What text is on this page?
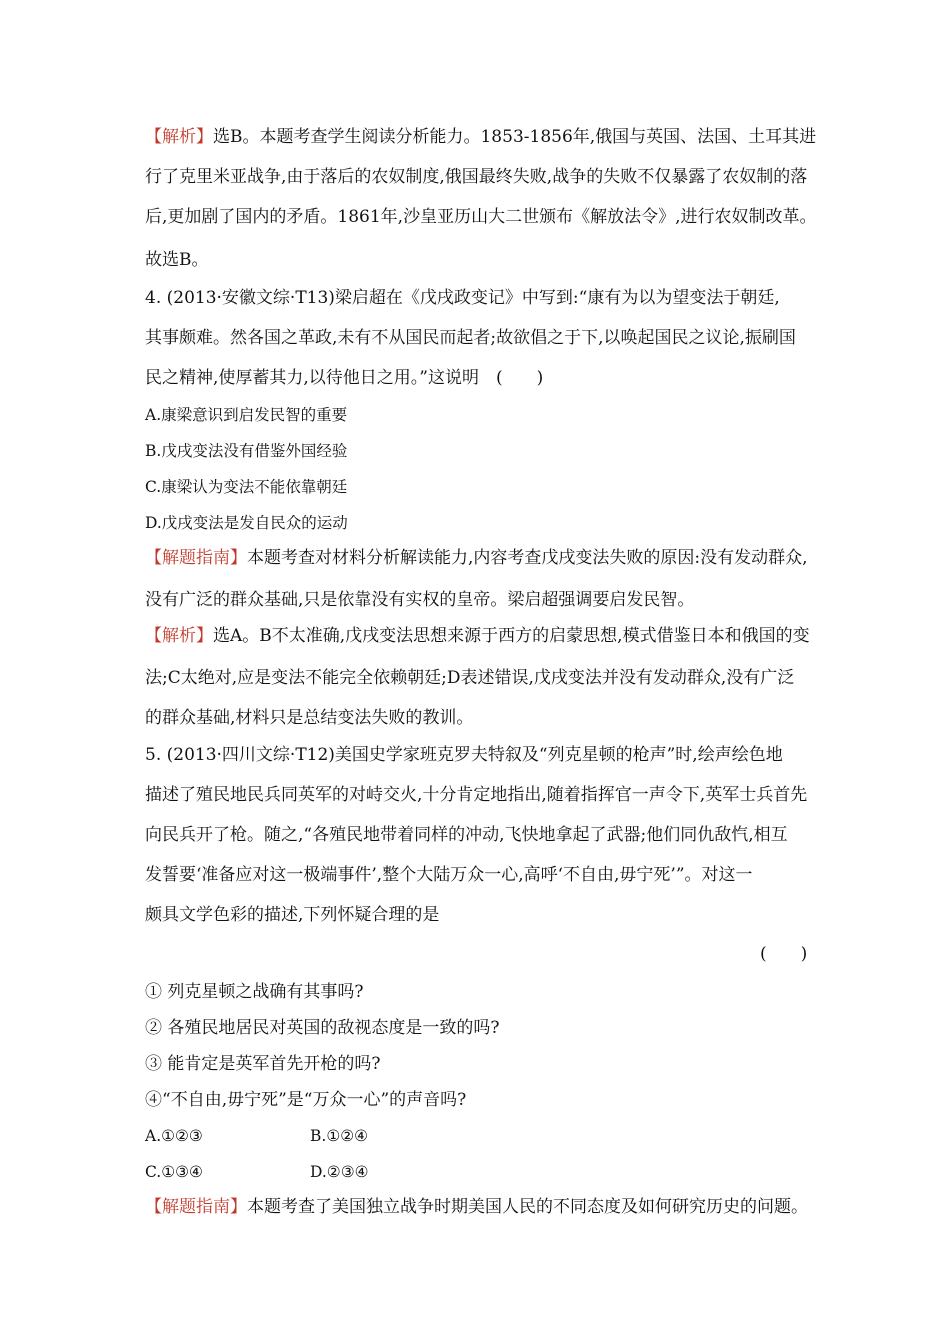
【解析】选B。本题考查学生阅读分析能力。1853-1856年,俄国与英国、法国、土耳其进
行了克里米亚战争,由于落后的农奴制度,俄国最终失败,战争的失败不仅暴露了农奴制的落
后,更加剧了国内的矛盾。1861年,沙皇亚历山大二世颁布《解放法令》,进行农奴制改革。
故选B。
4. (2013·安徽文综·T13)梁启超在《戊戌政变记》中写到:“康有为以为望变法于朝廷,
其事颇难。然各国之革政,未有不从国民而起者;故欲倡之于下,以唤起国民之议论,振刷国
民之精神,使厚蓄其力,以待他日之用。”这说明　(　　)
A.康梁意识到启发民智的重要
B.戊戌变法没有借鉴外国经验
C.康梁认为变法不能依靠朝廷
D.戊戌变法是发自民众的运动
【解题指南】本题考查对材料分析解读能力,内容考查戊戌变法失败的原因:没有发动群众,
没有广泛的群众基础,只是依靠没有实权的皇帝。梁启超强调要启发民智。
【解析】选A。B不太准确,戊戌变法思想来源于西方的启蒙思想,模式借鉴日本和俄国的变
法;C太绝对,应是变法不能完全依赖朝廷;D表述错误,戊戌变法并没有发动群众,没有广泛
的群众基础,材料只是总结变法失败的教训。
5. (2013·四川文综·T12)美国史学家班克罗夫特叙及“列克星顿的枪声”时,绘声绘色地
描述了殖民地民兵同英军的对峙交火,十分肯定地指出,随着指挥官一声令下,英军士兵首先
向民兵开了枪。随之,“各殖民地带着同样的冲动,飞快地拿起了武器;他们同仇敌忾,相互
发誓要‘准备应对这一极端事件’,整个大陆万众一心,高呼‘不自由,毋宁死’”。对这一
颇具文学色彩的描述,下列怀疑合理的是
(　　)
① 列克星顿之战确有其事吗?
② 各殖民地居民对英国的敌视态度是一致的吗?
③ 能肯定是英军首先开枪的吗?
④“不自由,毋宁死”是“万众一心”的声音吗?
A.①②③	B.①②④
C.①③④	D.②③④
【解题指南】本题考查了美国独立战争时期美国人民的不同态度及如何研究历史的问题。
